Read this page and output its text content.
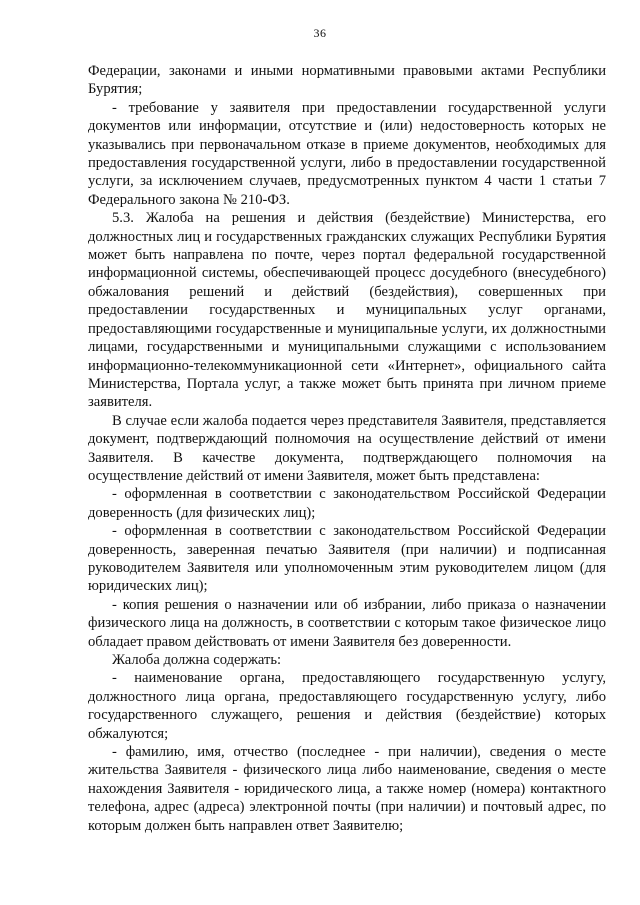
36

Федерации, законами и иными нормативными правовыми актами Республики Бурятия;

- требование у заявителя при предоставлении государственной услуги документов или информации, отсутствие и (или) недостоверность которых не указывались при первоначальном отказе в приеме документов, необходимых для предоставления государственной услуги, либо в предоставлении государственной услуги, за исключением случаев, предусмотренных пунктом 4 части 1 статьи 7 Федерального закона № 210-ФЗ.

5.3. Жалоба на решения и действия (бездействие) Министерства, его должностных лиц и государственных гражданских служащих Республики Бурятия может быть направлена по почте, через портал федеральной государственной информационной системы, обеспечивающей процесс досудебного (внесудебного) обжалования решений и действий (бездействия), совершенных при предоставлении государственных и муниципальных услуг органами, предоставляющими государственные и муниципальные услуги, их должностными лицами, государственными и муниципальными служащими с использованием информационно-телекоммуникационной сети «Интернет», официального сайта Министерства, Портала услуг, а также может быть принята при личном приеме заявителя.

В случае если жалоба подается через представителя Заявителя, представляется документ, подтверждающий полномочия на осуществление действий от имени Заявителя. В качестве документа, подтверждающего полномочия на осуществление действий от имени Заявителя, может быть представлена:

- оформленная в соответствии с законодательством Российской Федерации доверенность (для физических лиц);

- оформленная в соответствии с законодательством Российской Федерации доверенность, заверенная печатью Заявителя (при наличии) и подписанная руководителем Заявителя или уполномоченным этим руководителем лицом (для юридических лиц);

- копия решения о назначении или об избрании, либо приказа о назначении физического лица на должность, в соответствии с которым такое физическое лицо обладает правом действовать от имени Заявителя без доверенности.

Жалоба должна содержать:

- наименование органа, предоставляющего государственную услугу, должностного лица органа, предоставляющего государственную услугу, либо государственного служащего, решения и действия (бездействие) которых обжалуются;

- фамилию, имя, отчество (последнее - при наличии), сведения о месте жительства Заявителя - физического лица либо наименование, сведения о месте нахождения Заявителя - юридического лица, а также номер (номера) контактного телефона, адрес (адреса) электронной почты (при наличии) и почтовый адрес, по которым должен быть направлен ответ Заявителю;
